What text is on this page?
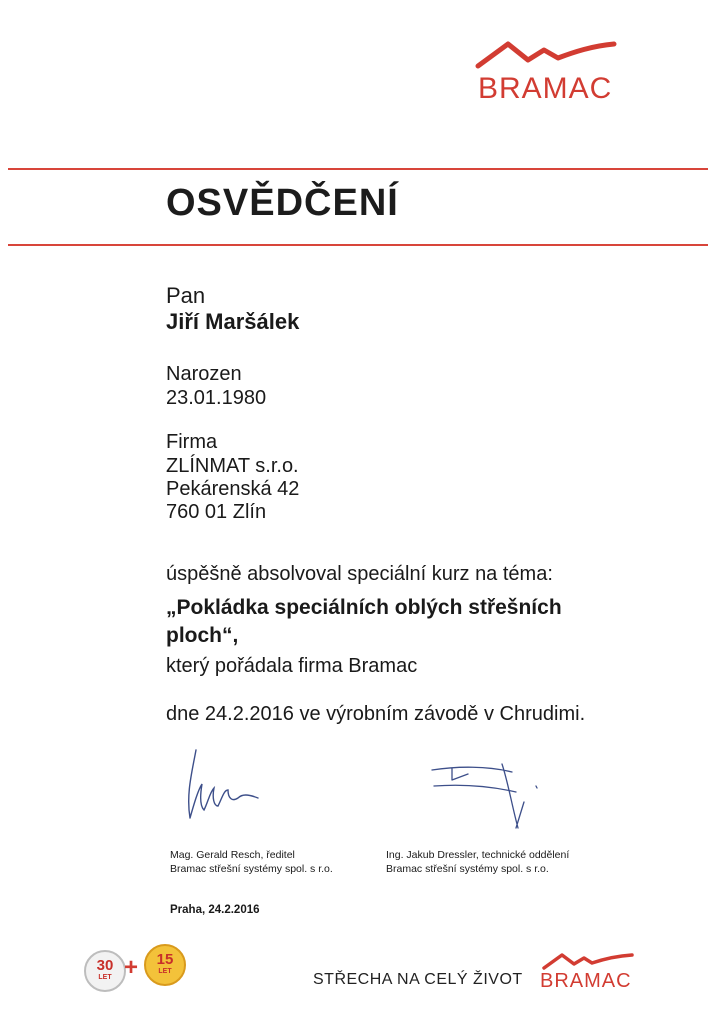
BRAMAC
OSVĚDČENÍ
Pan
Jiří Maršálek
Narozen
23.01.1980
Firma
ZLÍNMAT s.r.o.
Pekárenská 42
760 01 Zlín
úspěšně absolvoval speciální kurz na téma:
„Pokládka speciálních oblých střešních
ploch“,
který pořádala firma Bramac
dne 24.2.2016 ve výrobním závodě v Chrudimi.
Mag. Gerald Resch, ředitel
Bramac střešní systémy spol. s r.o.
Ing. Jakub Dressler, technické oddělení
Bramac střešní systémy spol. s r.o.
Praha, 24.2.2016
30
LET +	15
LET	STŘECHA NA CELÝ ŽIVOT BRAMAC
